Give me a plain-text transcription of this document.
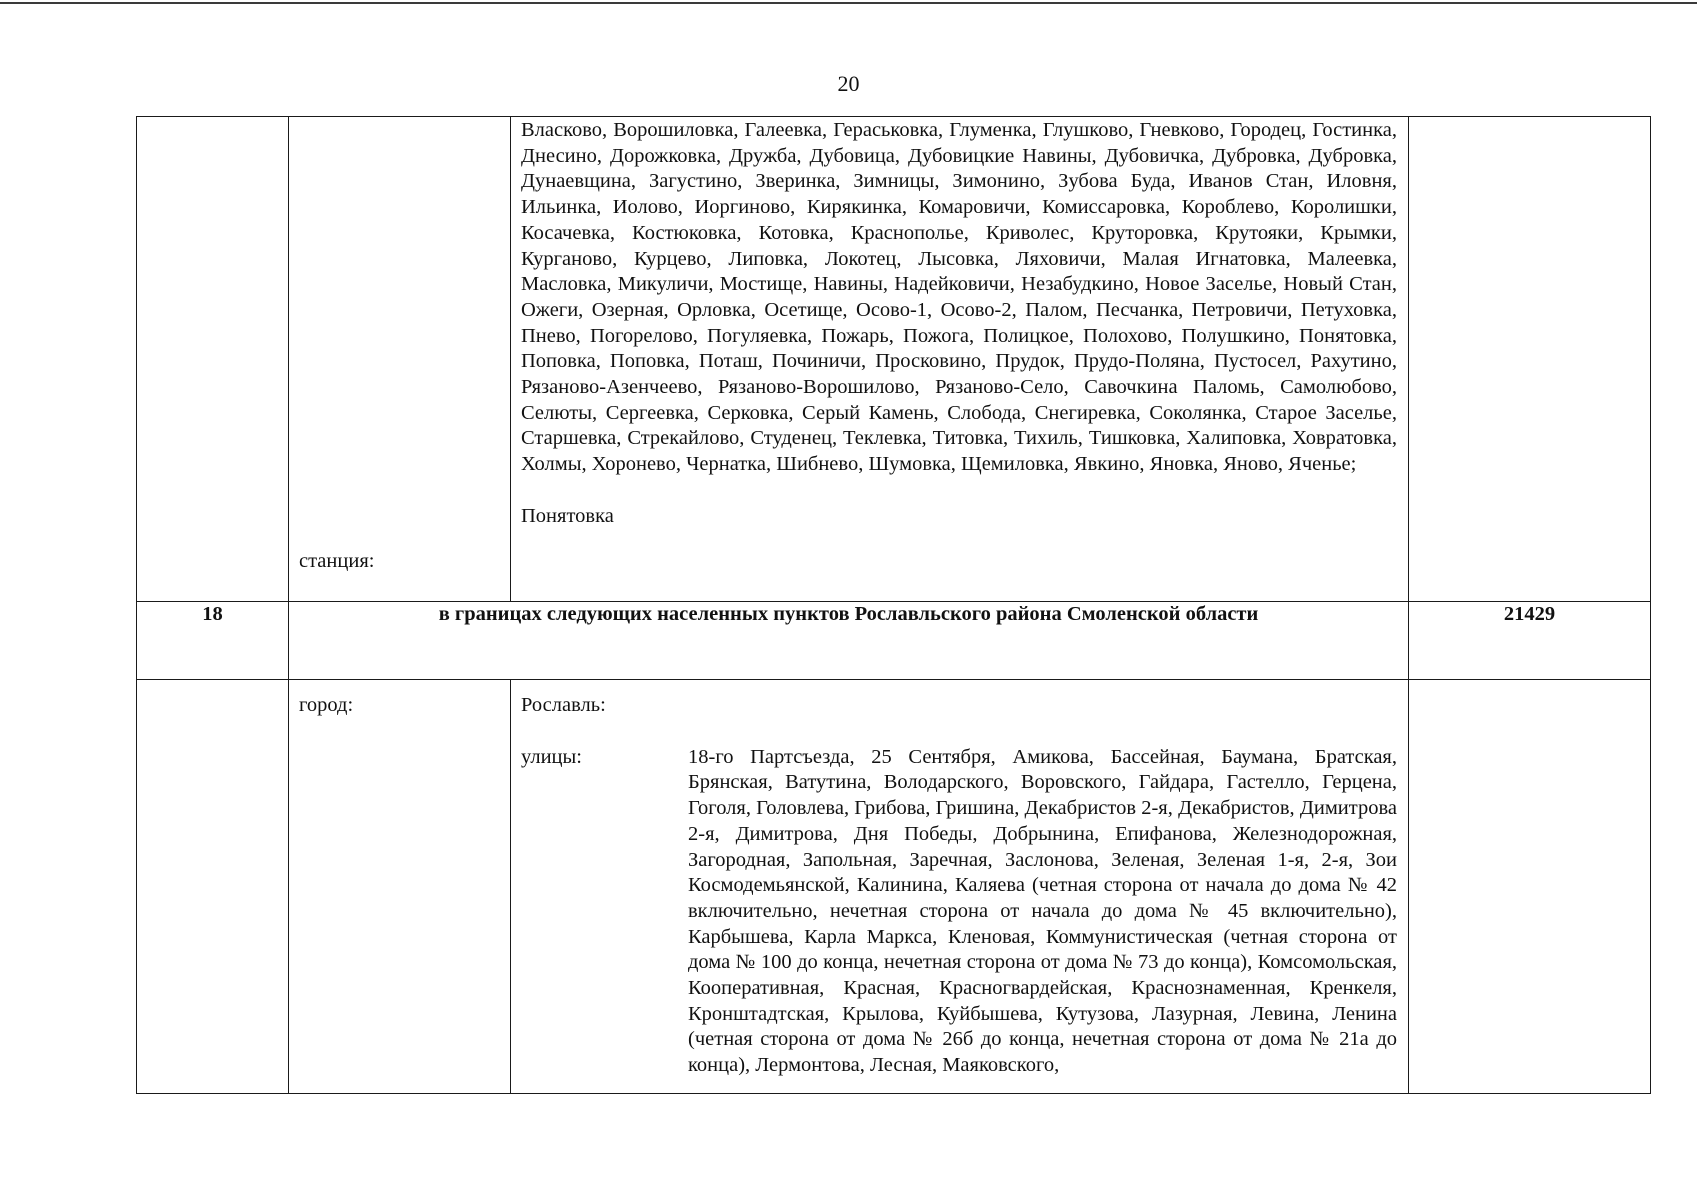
20

	станция:	Власково, Ворошиловка, Галеевка, Гераськовка, Глуменка, Глушково, Гневково, Городец, Гостинка, Днесино, Дорожковка, Дружба, Дубовица, Дубовицкие Навины, Дубовичка, Дубровка, Дубровка, Дунаевщина, Загустино, Зверинка, Зимницы, Зимонино, Зубова Буда, Иванов Стан, Иловня, Ильинка, Иолово, Иоргиново, Кирякинка, Комаровичи, Комиссаровка, Короблево, Королишки, Косачевка, Костюковка, Котовка, Краснополье, Криволес, Круторовка, Крутояки, Крымки, Курганово, Курцево, Липовка, Локотец, Лысовка, Ляховичи, Малая Игнатовка, Малеевка, Масловка, Микуличи, Мостище, Навины, Надейковичи, Незабудкино, Новое Заселье, Новый Стан, Ожеги, Озерная, Орловка, Осетище, Осово-1, Осово-2, Палом, Песчанка, Петровичи, Петуховка, Пнево, Погорелово, Погуляевка, Пожарь, Пожога, Полицкое, Полохово, Полушкино, Понятовка, Поповка, Поповка, Поташ, Починичи, Просковино, Прудок, Прудо-Поляна, Пустосел, Рахутино, Рязаново-Азенчеево, Рязаново-Ворошилово, Рязаново-Село, Савочкина Паломь, Самолюбово, Селюты, Сергеевка, Серковка, Серый Камень, Слобода, Снегиревка, Соколянка, Старое Заселье, Старшевка, Стрекайлово, Студенец, Теклевка, Титовка, Тихиль, Тишковка, Халиповка, Ховратовка, Холмы, Хоронево, Чернатка, Шибнево, Шумовка, Щемиловка, Явкино, Яновка, Яново, Яченье;
Понятовка	

18	в границах следующих населенных пунктов Рославльского района Смоленской области		21429

	город:	Рославль:
улицы: 18-го Партсъезда, 25 Сентября, Амикова, Бассейная, Баумана, Братская, Брянская, Ватутина, Володарского, Воровского, Гайдара, Гастелло, Герцена, Гоголя, Головлева, Грибова, Гришина, Декабристов 2-я, Декабристов, Димитрова 2-я, Димитрова, Дня Победы, Добрынина, Епифанова, Железнодорожная, Загородная, Запольная, Заречная, Заслонова, Зеленая, Зеленая 1-я, 2-я, Зои Космодемьянской, Калинина, Каляева (четная сторона от начала до дома № 42 включительно, нечетная сторона от начала до дома № 45 включительно), Карбышева, Карла Маркса, Кленовая, Коммунистическая (четная сторона от дома № 100 до конца, нечетная сторона от дома № 73 до конца), Комсомольская, Кооперативная, Красная, Красногвардейская, Краснознаменная, Кренкеля, Кронштадтская, Крылова, Куйбышева, Кутузова, Лазурная, Левина, Ленина (четная сторона от дома № 26б до конца, нечетная сторона от дома № 21а до конца), Лермонтова, Лесная, Маяковского,	
